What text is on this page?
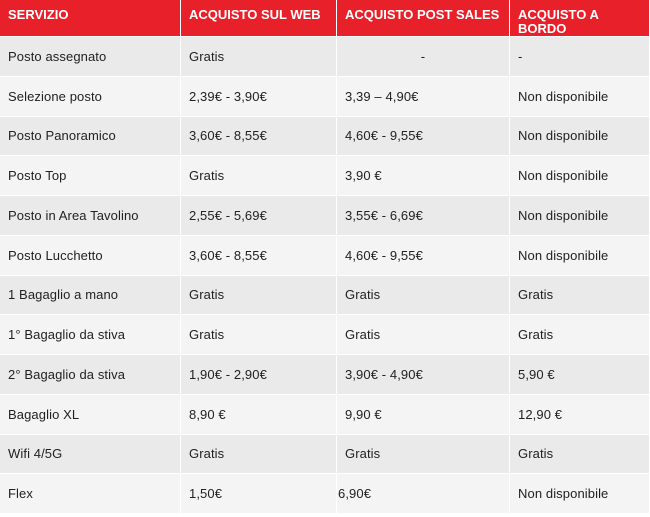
SERVIZIO	ACQUISTO SUL WEB	ACQUISTO POST SALES	ACQUISTO A BORDO
Posto assegnato	Gratis	-	-
Selezione posto	2,39€ - 3,90€	3,39 – 4,90€	Non disponibile
Posto Panoramico	3,60€ - 8,55€	4,60€ - 9,55€	Non disponibile
Posto Top	Gratis	3,90 €	Non disponibile
Posto in Area Tavolino	2,55€ - 5,69€	3,55€ - 6,69€	Non disponibile
Posto Lucchetto	3,60€ - 8,55€	4,60€ - 9,55€	Non disponibile
1 Bagaglio a mano	Gratis	Gratis	Gratis
1° Bagaglio da stiva	Gratis	Gratis	Gratis
2° Bagaglio da stiva	1,90€ - 2,90€	3,90€ - 4,90€	5,90 €
Bagaglio XL	8,90 €	9,90 €	12,90 €
Wifi 4/5G	Gratis	Gratis	Gratis
Flex	1,50€	6,90€	Non disponibile
